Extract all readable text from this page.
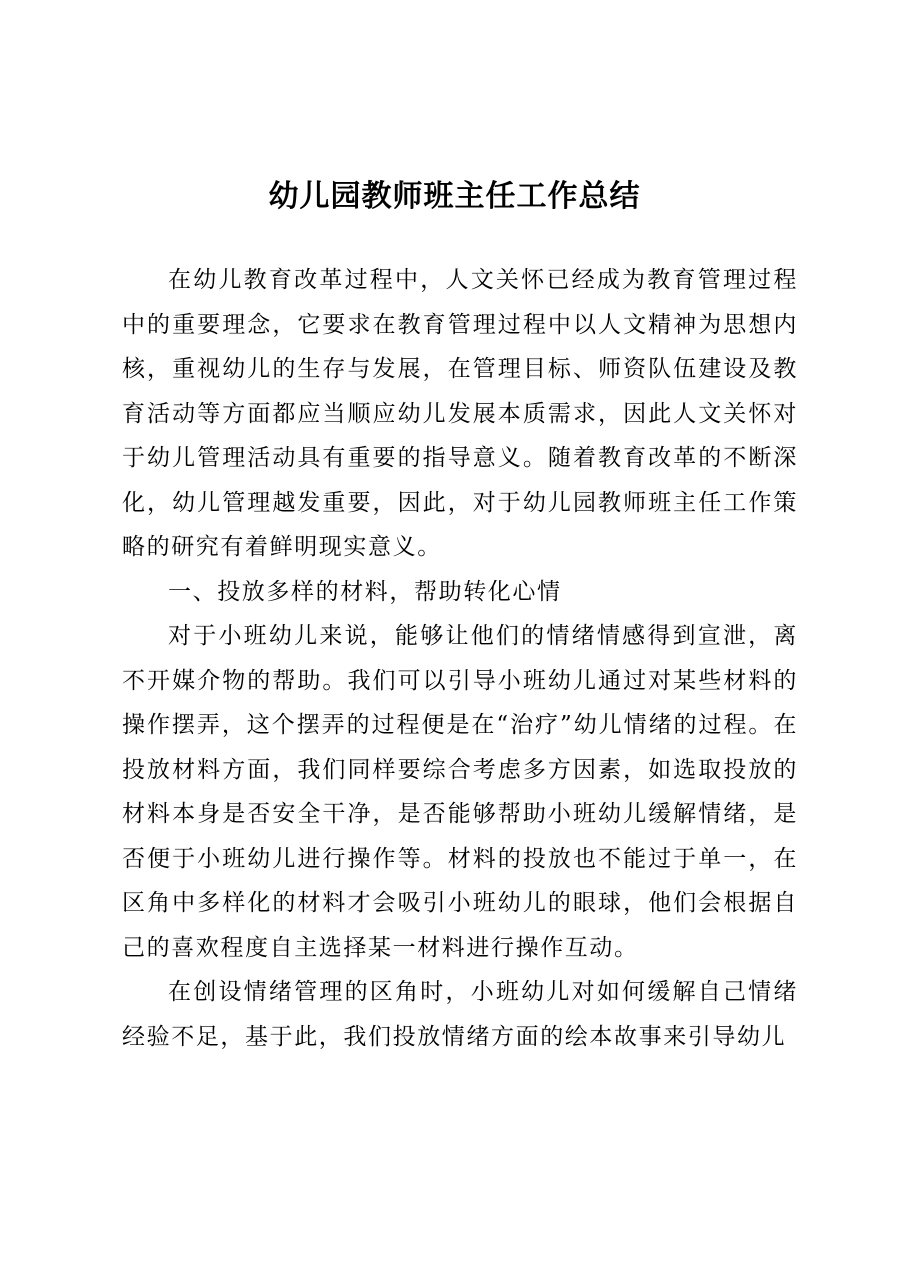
幼儿园教师班主任工作总结

在幼儿教育改革过程中，人文关怀已经成为教育管理过程中的重要理念，它要求在教育管理过程中以人文精神为思想内核，重视幼儿的生存与发展，在管理目标、师资队伍建设及教育活动等方面都应当顺应幼儿发展本质需求，因此人文关怀对于幼儿管理活动具有重要的指导意义。随着教育改革的不断深化，幼儿管理越发重要，因此，对于幼儿园教师班主任工作策略的研究有着鲜明现实意义。

一、投放多样的材料，帮助转化心情

对于小班幼儿来说，能够让他们的情绪情感得到宣泄，离不开媒介物的帮助。我们可以引导小班幼儿通过对某些材料的操作摆弄，这个摆弄的过程便是在“治疗”幼儿情绪的过程。在投放材料方面，我们同样要综合考虑多方因素，如选取投放的材料本身是否安全干净，是否能够帮助小班幼儿缓解情绪，是否便于小班幼儿进行操作等。材料的投放也不能过于单一，在区角中多样化的材料才会吸引小班幼儿的眼球，他们会根据自己的喜欢程度自主选择某一材料进行操作互动。

在创设情绪管理的区角时，小班幼儿对如何缓解自己情绪经验不足，基于此，我们投放情绪方面的绘本故事来引导幼儿
